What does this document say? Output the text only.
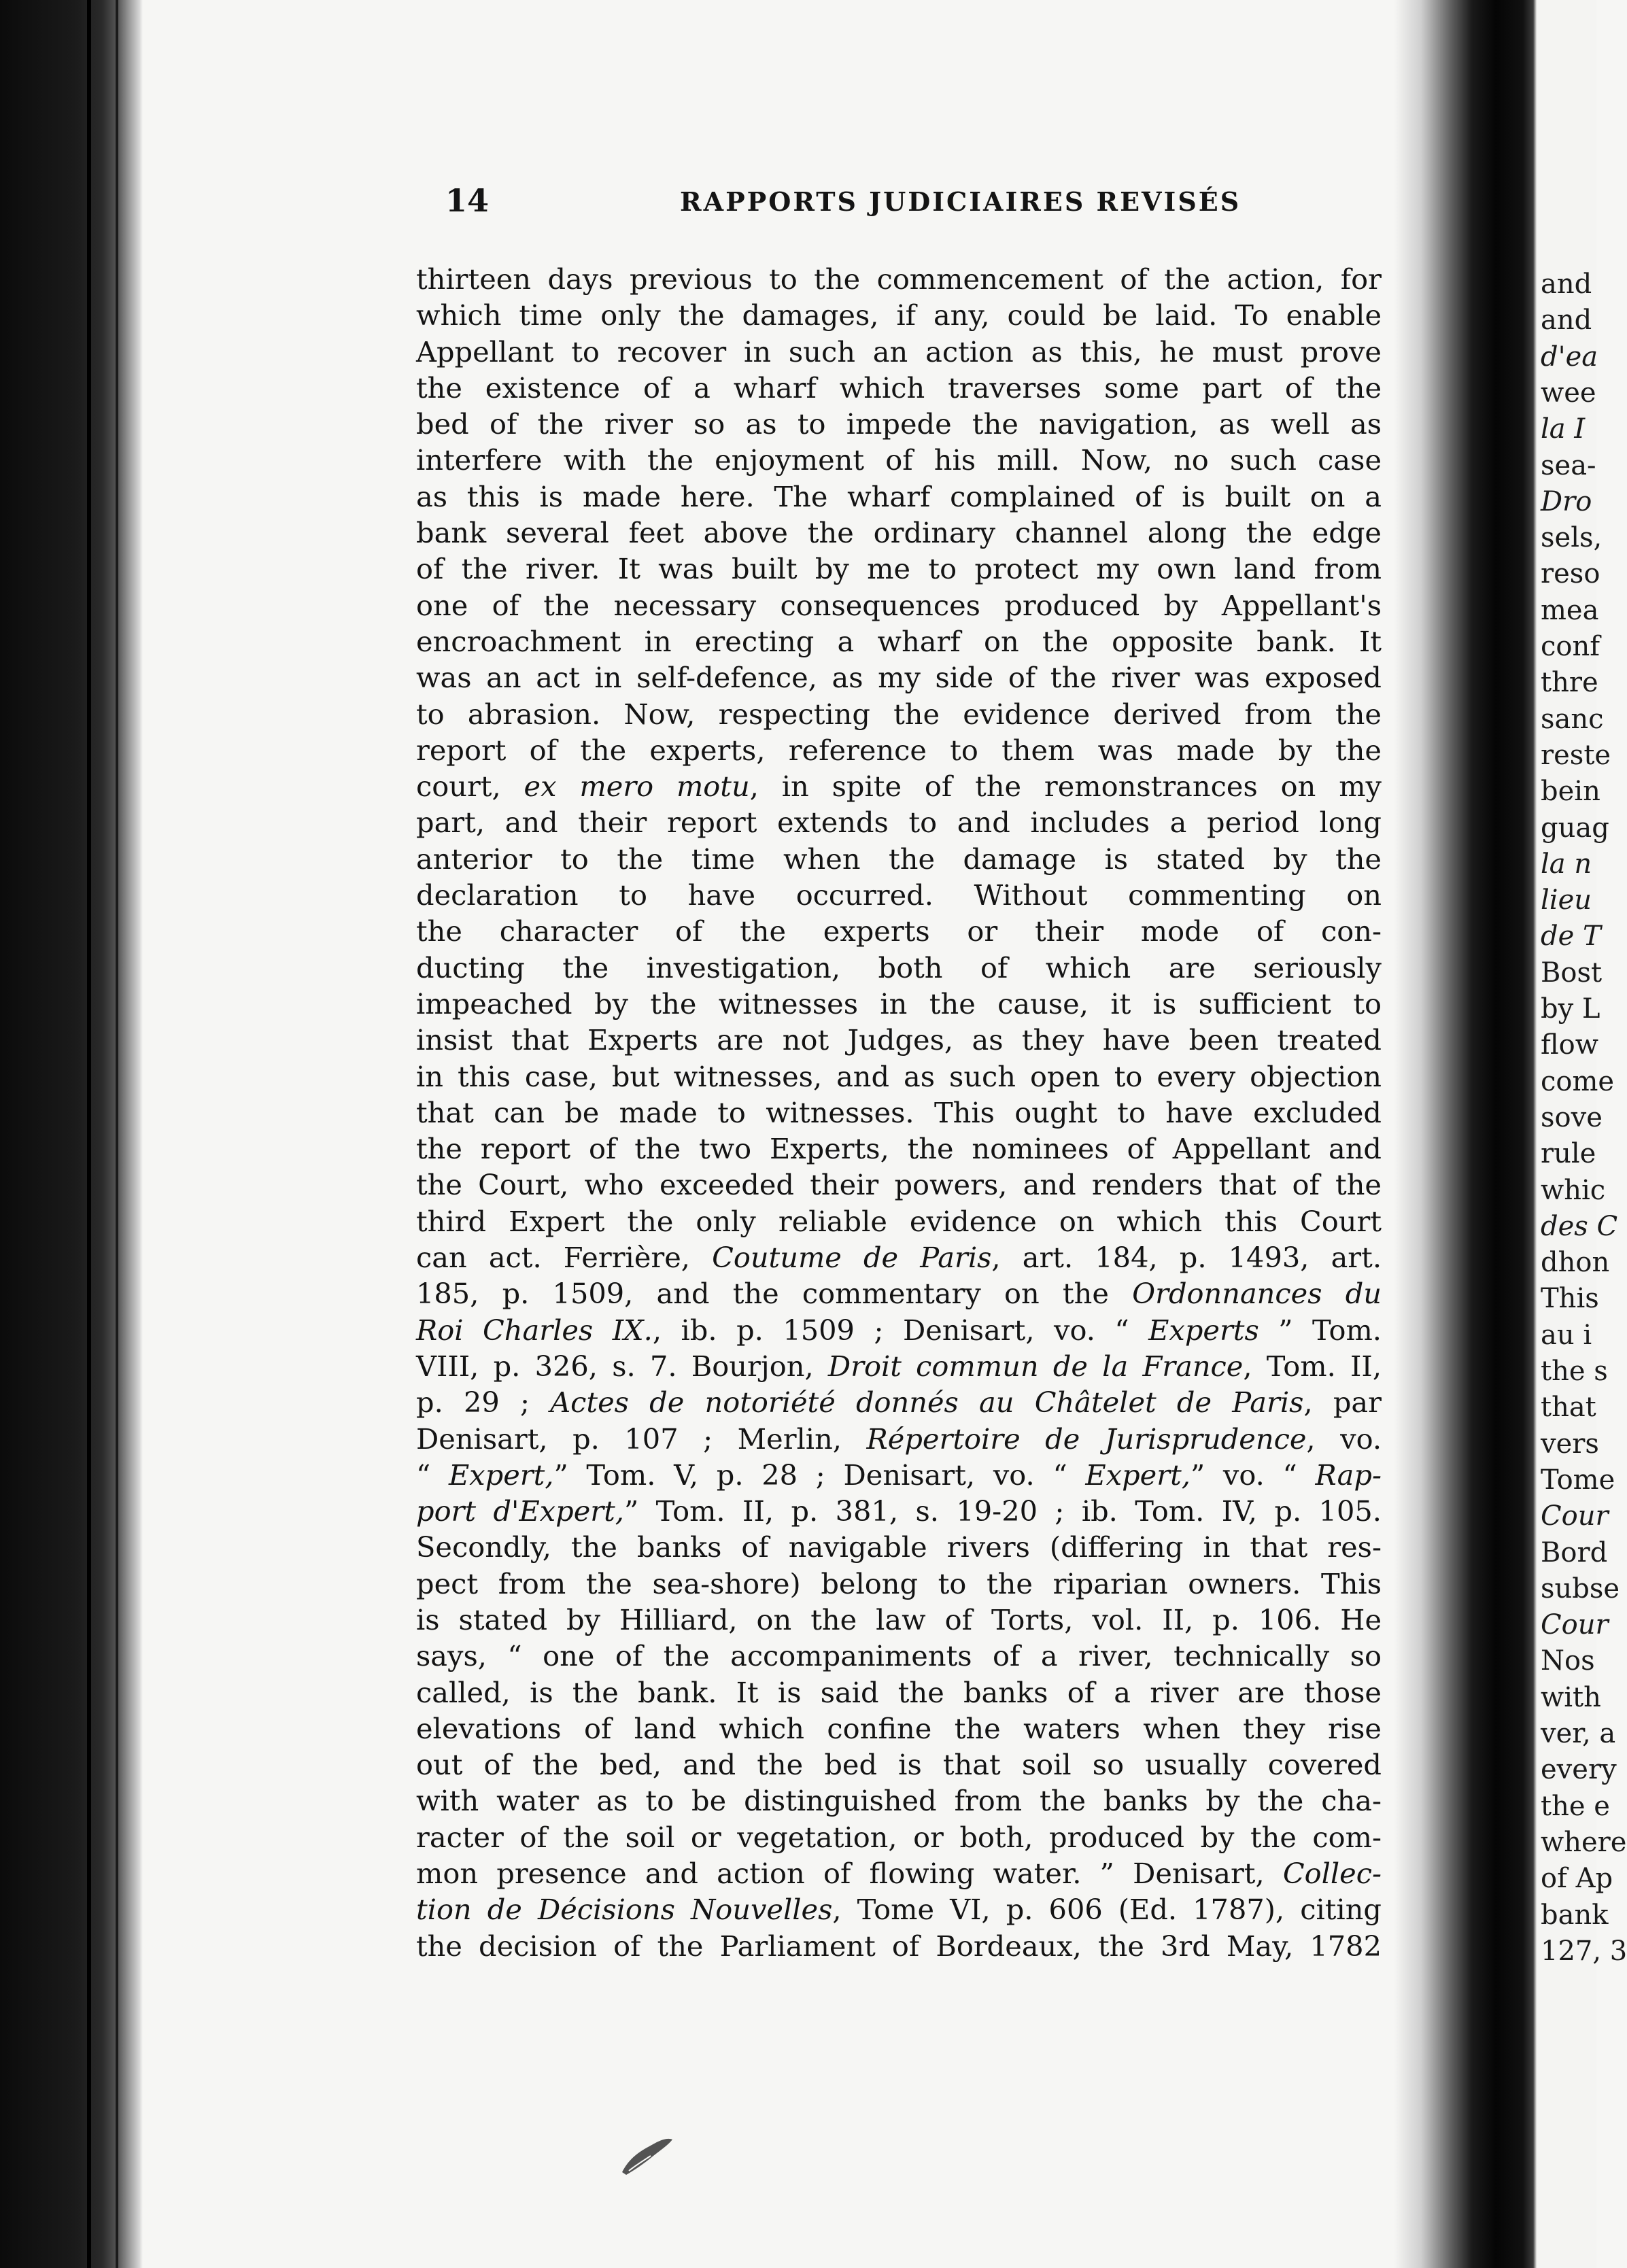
14	RAPPORTS JUDICIAIRES REVISÉS
thirteen days previous to the commencement of the action, for
which time only the damages, if any, could be laid. To enable
Appellant to recover in such an action as this, he must prove
the existence of a wharf which traverses some part of the
bed of the river so as to impede the navigation, as well as
interfere with the enjoyment of his mill. Now, no such case
as this is made here. The wharf complained of is built on a
bank several feet above the ordinary channel along the edge
of the river. It was built by me to protect my own land from
one of the necessary consequences produced by Appellant's
encroachment in erecting a wharf on the opposite bank. It
was an act in self-defence, as my side of the river was exposed
to abrasion. Now, respecting the evidence derived from the
report of the experts, reference to them was made by the
court, ex mero motu, in spite of the remonstrances on my
part, and their report extends to and includes a period long
anterior to the time when the damage is stated by the
declaration to have occurred. Without commenting on
the character of the experts or their mode of con-
ducting the investigation, both of which are seriously
impeached by the witnesses in the cause, it is sufficient to
insist that Experts are not Judges, as they have been treated
in this case, but witnesses, and as such open to every objection
that can be made to witnesses. This ought to have excluded
the report of the two Experts, the nominees of Appellant and
the Court, who exceeded their powers, and renders that of the
third Expert the only reliable evidence on which this Court
can act. Ferrière, Coutume de Paris, art. 184, p. 1493, art.
185, p. 1509, and the commentary on the Ordonnances du
Roi Charles IX., ib. p. 1509 ; Denisart, vo. “ Experts ” Tom.
VIII, p. 326, s. 7. Bourjon, Droit commun de la France, Tom. II,
p. 29 ; Actes de notoriété donnés au Châtelet de Paris, par
Denisart, p. 107 ; Merlin, Répertoire de Jurisprudence, vo.
“ Expert,” Tom. V, p. 28 ; Denisart, vo. “ Expert,” vo. “ Rap-
port d'Expert,” Tom. II, p. 381, s. 19-20 ; ib. Tom. IV, p. 105.
Secondly, the banks of navigable rivers (differing in that res-
pect from the sea-shore) belong to the riparian owners. This
is stated by Hilliard, on the law of Torts, vol. II, p. 106. He
says, “ one of the accompaniments of a river, technically so
called, is the bank. It is said the banks of a river are those
elevations of land which confine the waters when they rise
out of the bed, and the bed is that soil so usually covered
with water as to be distinguished from the banks by the cha-
racter of the soil or vegetation, or both, produced by the com-
mon presence and action of flowing water. ” Denisart, Collec-
tion de Décisions Nouvelles, Tome VI, p. 606 (Ed. 1787), citing
the decision of the Parliament of Bordeaux, the 3rd May, 1782
and
and
d'ea
wee
la I
sea-
Dro
sels,
reso
mea
conf
thre
sanc
reste
bein
guag
la n
lieu
de T
Bost
by L
flow
come
sove
rule
whic
des C
dhon
This
au i
the s
that
vers
Tome
Cour
Bord
subse
Cour
Nos
with
ver, a
every
the e
where
of Ap
bank
127, 3
